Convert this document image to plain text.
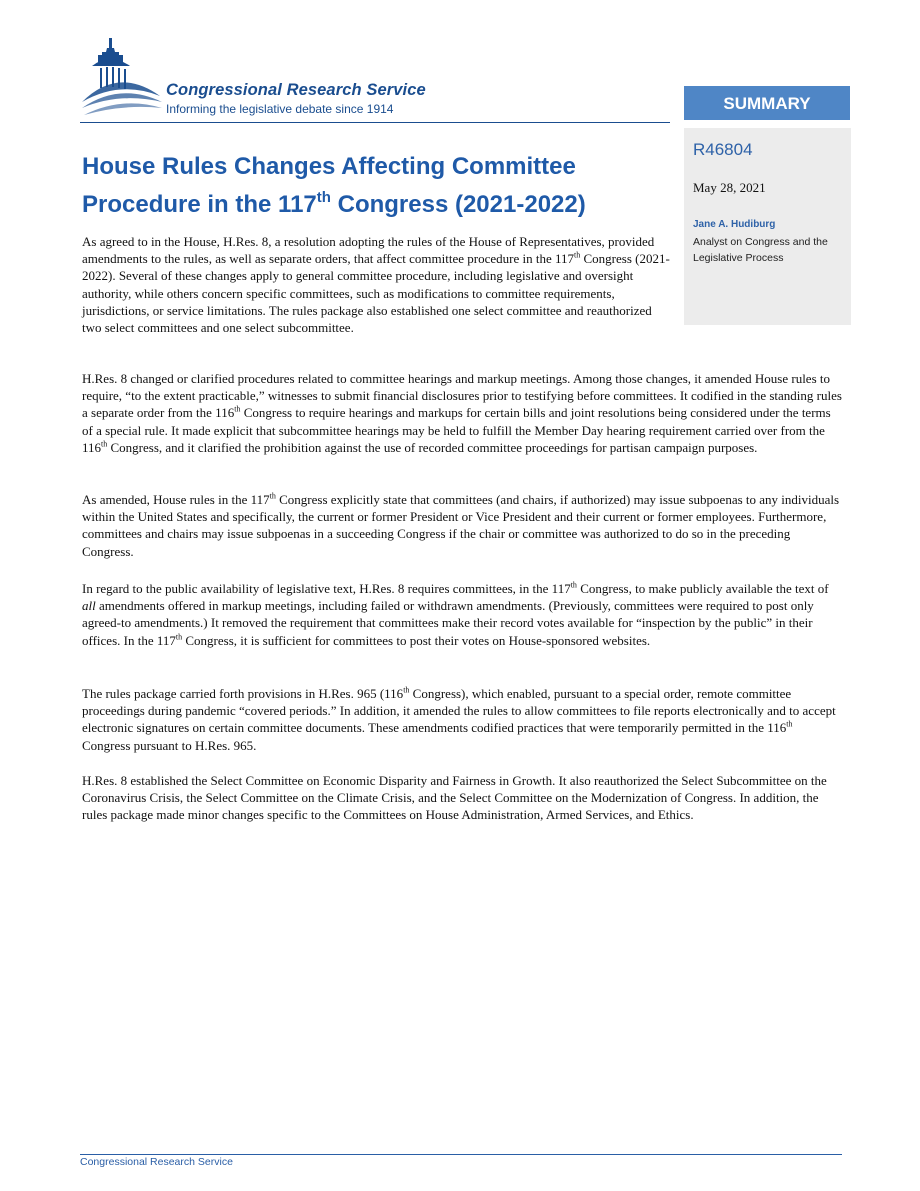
Congressional Research Service
Informing the legislative debate since 1914	SUMMARY
R46804
May 28, 2021
Jane A. Hudiburg
Analyst on Congress and the Legislative Process
House Rules Changes Affecting Committee
Procedure in the 117th Congress (2021-2022)

As agreed to in the House, H.Res. 8, a resolution adopting the rules of the House of Representatives, provided amendments to the rules, as well as separate orders, that affect committee procedure in the 117th Congress (2021-2022). Several of these changes apply to general committee procedure, including legislative and oversight authority, while others concern specific committees, such as modifications to committee requirements, jurisdictions, or service limitations. The rules package also established one select committee and reauthorized two select committees and one select subcommittee.

H.Res. 8 changed or clarified procedures related to committee hearings and markup meetings. Among those changes, it amended House rules to require, “to the extent practicable,” witnesses to submit financial disclosures prior to testifying before committees. It codified in the standing rules a separate order from the 116th Congress to require hearings and markups for certain bills and joint resolutions being considered under the terms of a special rule. It made explicit that subcommittee hearings may be held to fulfill the Member Day hearing requirement carried over from the 116th Congress, and it clarified the prohibition against the use of recorded committee proceedings for partisan campaign purposes.

As amended, House rules in the 117th Congress explicitly state that committees (and chairs, if authorized) may issue subpoenas to any individuals within the United States and specifically, the current or former President or Vice President and their current or former employees. Furthermore, committees and chairs may issue subpoenas in a succeeding Congress if the chair or committee was authorized to do so in the preceding Congress.

In regard to the public availability of legislative text, H.Res. 8 requires committees, in the 117th Congress, to make publicly available the text of all amendments offered in markup meetings, including failed or withdrawn amendments. (Previously, committees were required to post only agreed-to amendments.) It removed the requirement that committees make their record votes available for “inspection by the public” in their offices. In the 117th Congress, it is sufficient for committees to post their votes on House-sponsored websites.

The rules package carried forth provisions in H.Res. 965 (116th Congress), which enabled, pursuant to a special order, remote committee proceedings during pandemic “covered periods.” In addition, it amended the rules to allow committees to file reports electronically and to accept electronic signatures on certain committee documents. These amendments codified practices that were temporarily permitted in the 116th Congress pursuant to H.Res. 965.

H.Res. 8 established the Select Committee on Economic Disparity and Fairness in Growth. It also reauthorized the Select Subcommittee on the Coronavirus Crisis, the Select Committee on the Climate Crisis, and the Select Committee on the Modernization of Congress. In addition, the rules package made minor changes specific to the Committees on House Administration, Armed Services, and Ethics.

Congressional Research Service
